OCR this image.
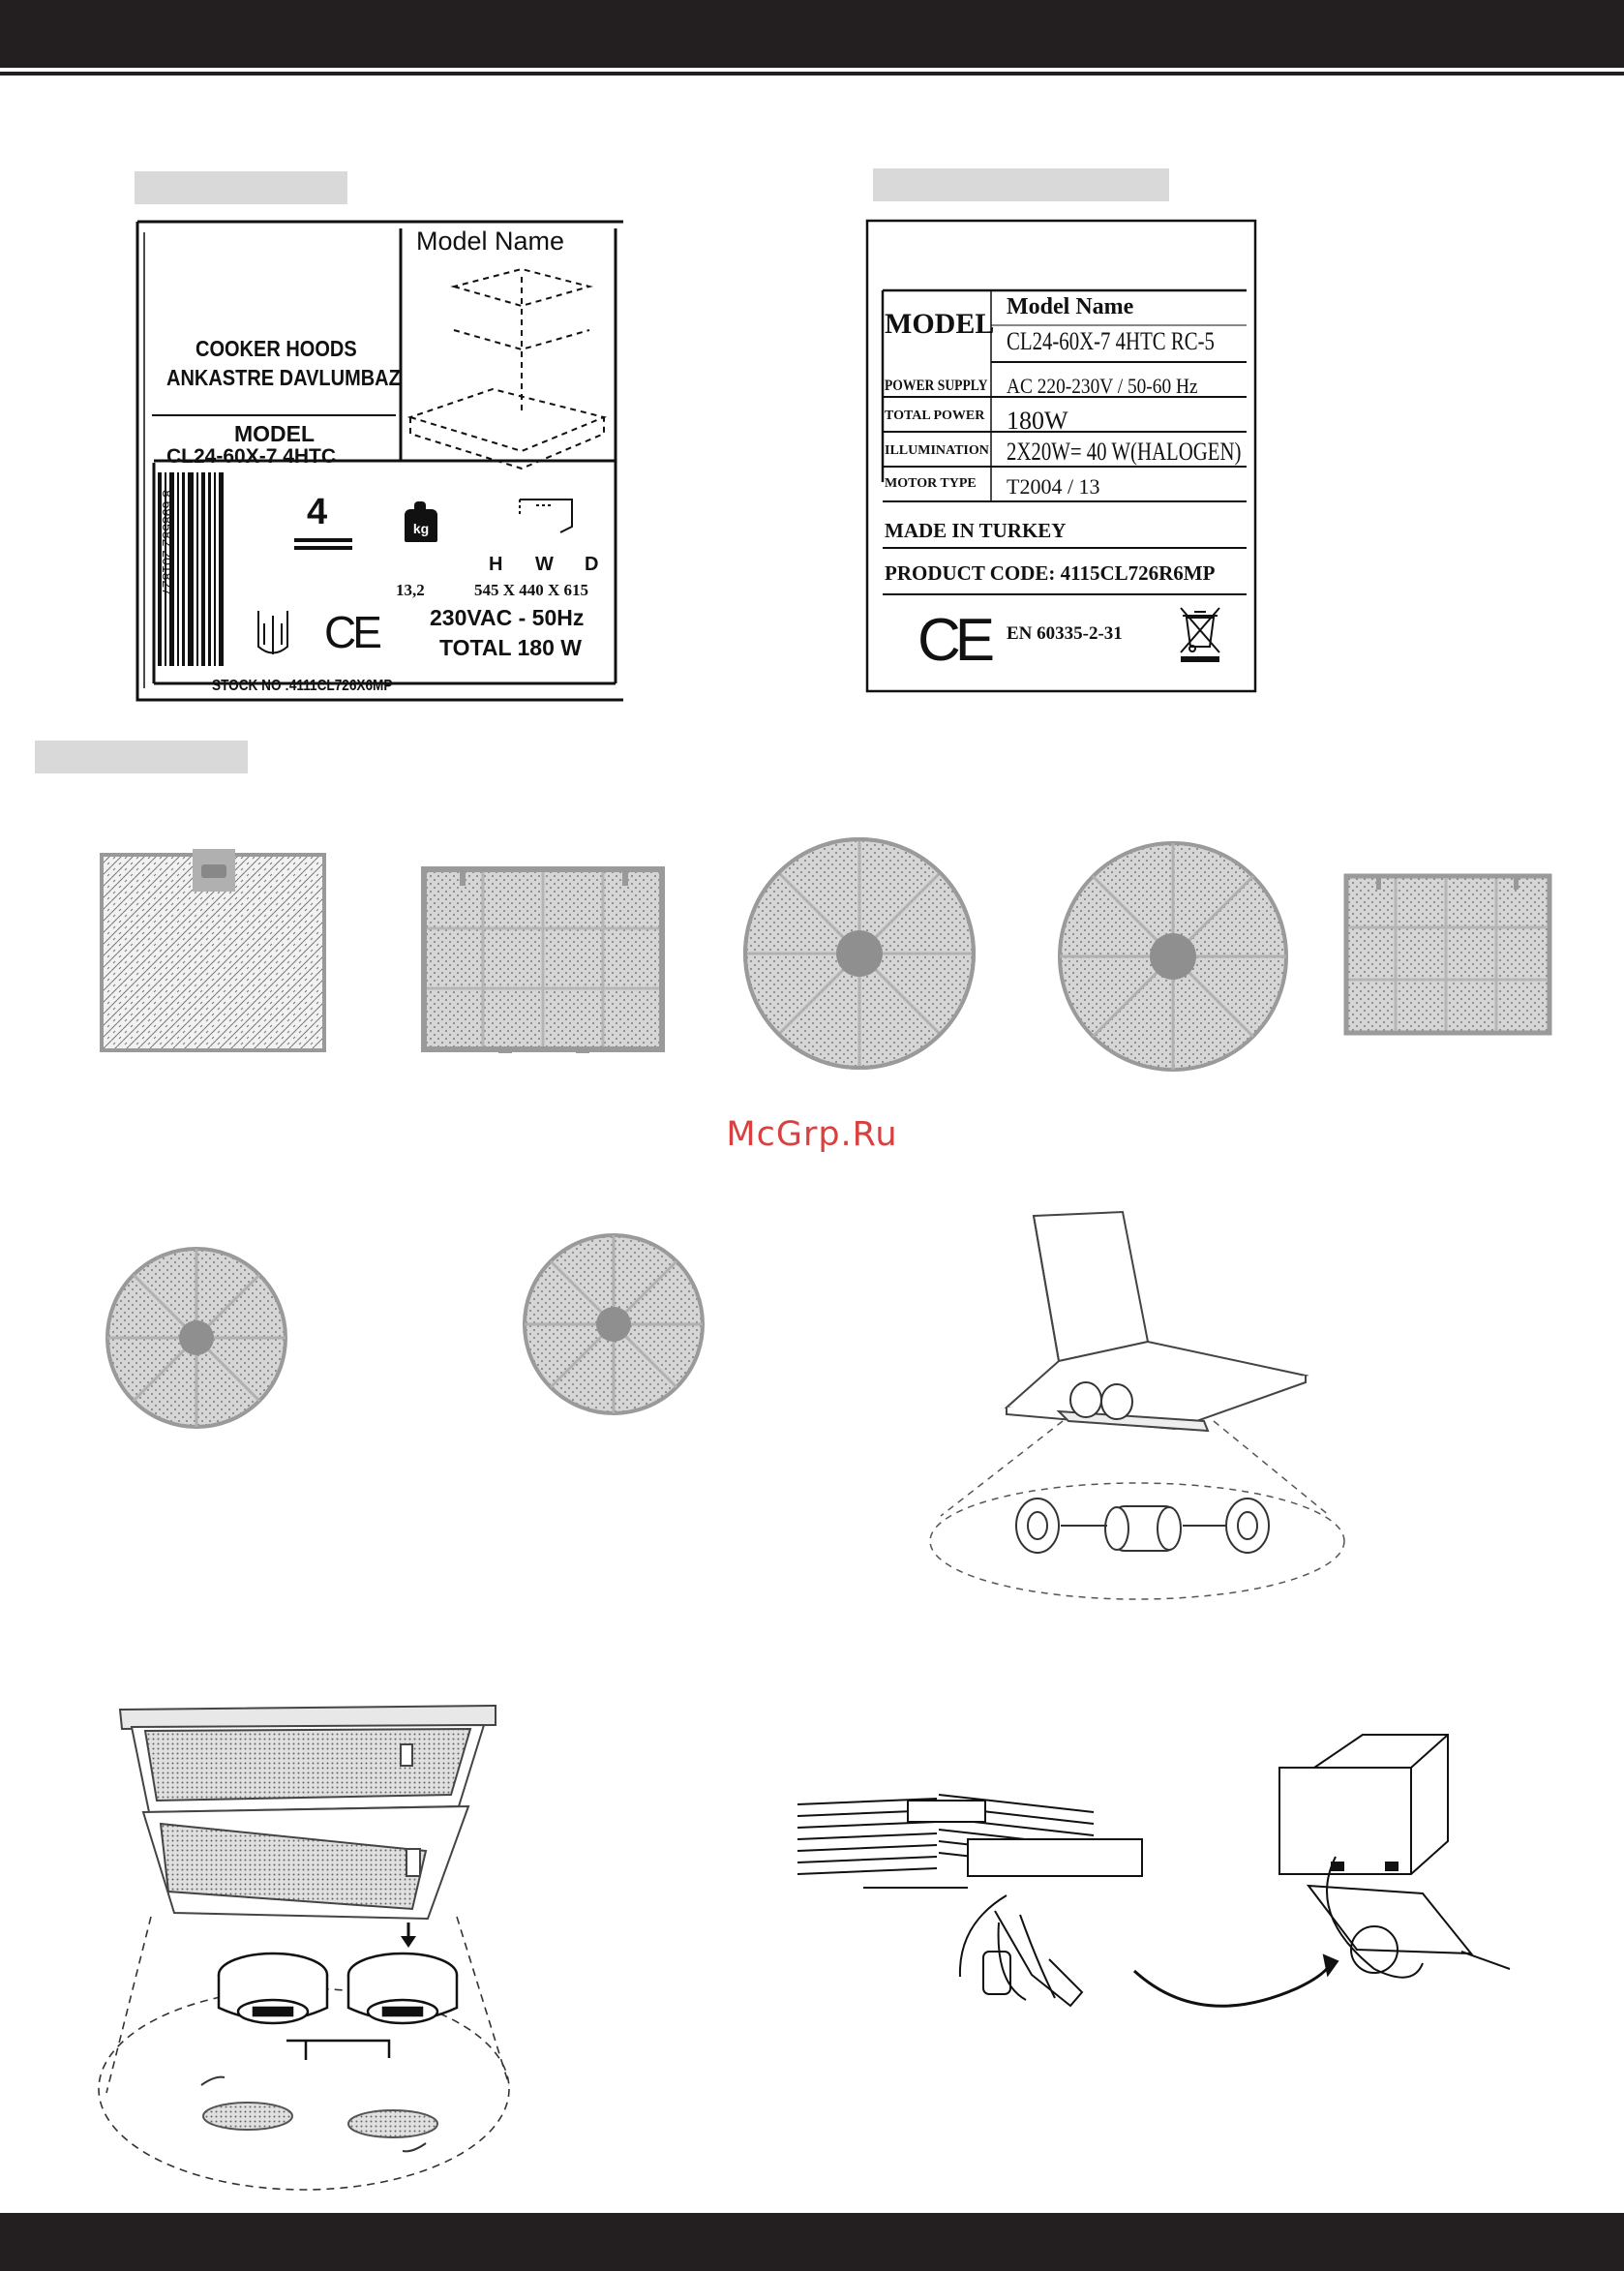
Model Name
COOKER HOODS
ANKASTRE DAVLUMBAZ
MODEL
CL24-60X-7 4HTC
8 698582 201827	4	kg
13,2
H W D
545 X 440 X 615
230VAC - 50Hz
TOTAL 180 W
CE
STOCK NO :4111CL726X6MP
MODEL
Model Name
CL24-60X-7 4HTC RC-5
POWER SUPPLY AC 220-230V / 50-60 Hz
TOTAL POWER 180W
ILLUMINATION 2X20W= 40 W(HALOGEN)
MOTOR TYPE T2004 / 13
MADE IN TURKEY
PRODUCT CODE: 4115CL726R6MP
CE EN 60335-2-31
McGrp.Ru
